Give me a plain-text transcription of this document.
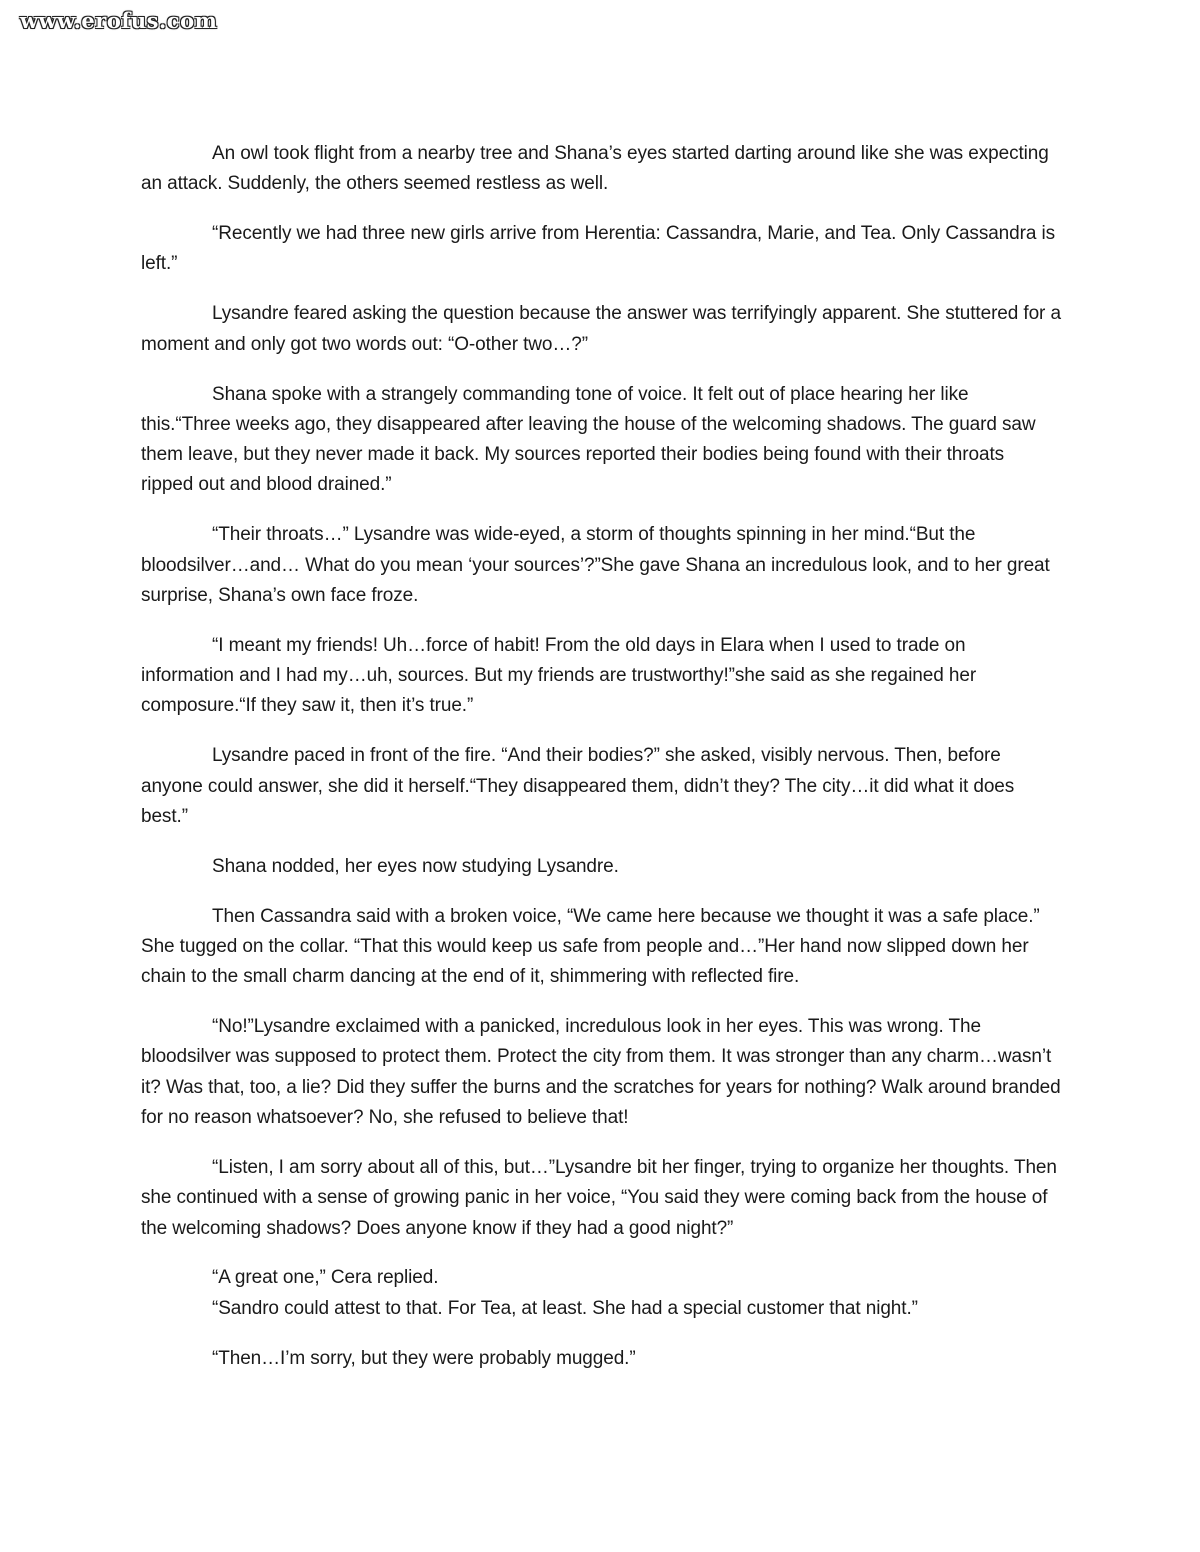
www.erofus.com

An owl took flight from a nearby tree and Shana’s eyes started darting around like she was expecting an attack. Suddenly, the others seemed restless as well.

“Recently we had three new girls arrive from Herentia: Cassandra, Marie, and Tea. Only Cassandra is left.”

Lysandre feared asking the question because the answer was terrifyingly apparent. She stuttered for a moment and only got two words out: “O-other two…?”

Shana spoke with a strangely commanding tone of voice. It felt out of place hearing her like this.“Three weeks ago, they disappeared after leaving the house of the welcoming shadows. The guard saw them leave, but they never made it back. My sources reported their bodies being found with their throats ripped out and blood drained.”

“Their throats…” Lysandre was wide-eyed, a storm of thoughts spinning in her mind.“But the bloodsilver…and… What do you mean ‘your sources’?”She gave Shana an incredulous look, and to her great surprise, Shana’s own face froze.

“I meant my friends! Uh…force of habit! From the old days in Elara when I used to trade on information and I had my…uh, sources. But my friends are trustworthy!”she said as she regained her composure.“If they saw it, then it’s true.”

Lysandre paced in front of the fire. “And their bodies?” she asked, visibly nervous. Then, before anyone could answer, she did it herself.“They disappeared them, didn’t they? The city…it did what it does best.”

Shana nodded, her eyes now studying Lysandre.

Then Cassandra said with a broken voice, “We came here because we thought it was a safe place.” She tugged on the collar. “That this would keep us safe from people and…”Her hand now slipped down her chain to the small charm dancing at the end of it, shimmering with reflected fire.

“No!”Lysandre exclaimed with a panicked, incredulous look in her eyes. This was wrong. The bloodsilver was supposed to protect them. Protect the city from them. It was stronger than any charm…wasn’t it? Was that, too, a lie? Did they suffer the burns and the scratches for years for nothing? Walk around branded for no reason whatsoever? No, she refused to believe that!

“Listen, I am sorry about all of this, but…”Lysandre bit her finger, trying to organize her thoughts. Then she continued with a sense of growing panic in her voice, “You said they were coming back from the house of the welcoming shadows? Does anyone know if they had a good night?”

“A great one,” Cera replied.

“Sandro could attest to that. For Tea, at least. She had a special customer that night.”

“Then…I’m sorry, but they were probably mugged.”
